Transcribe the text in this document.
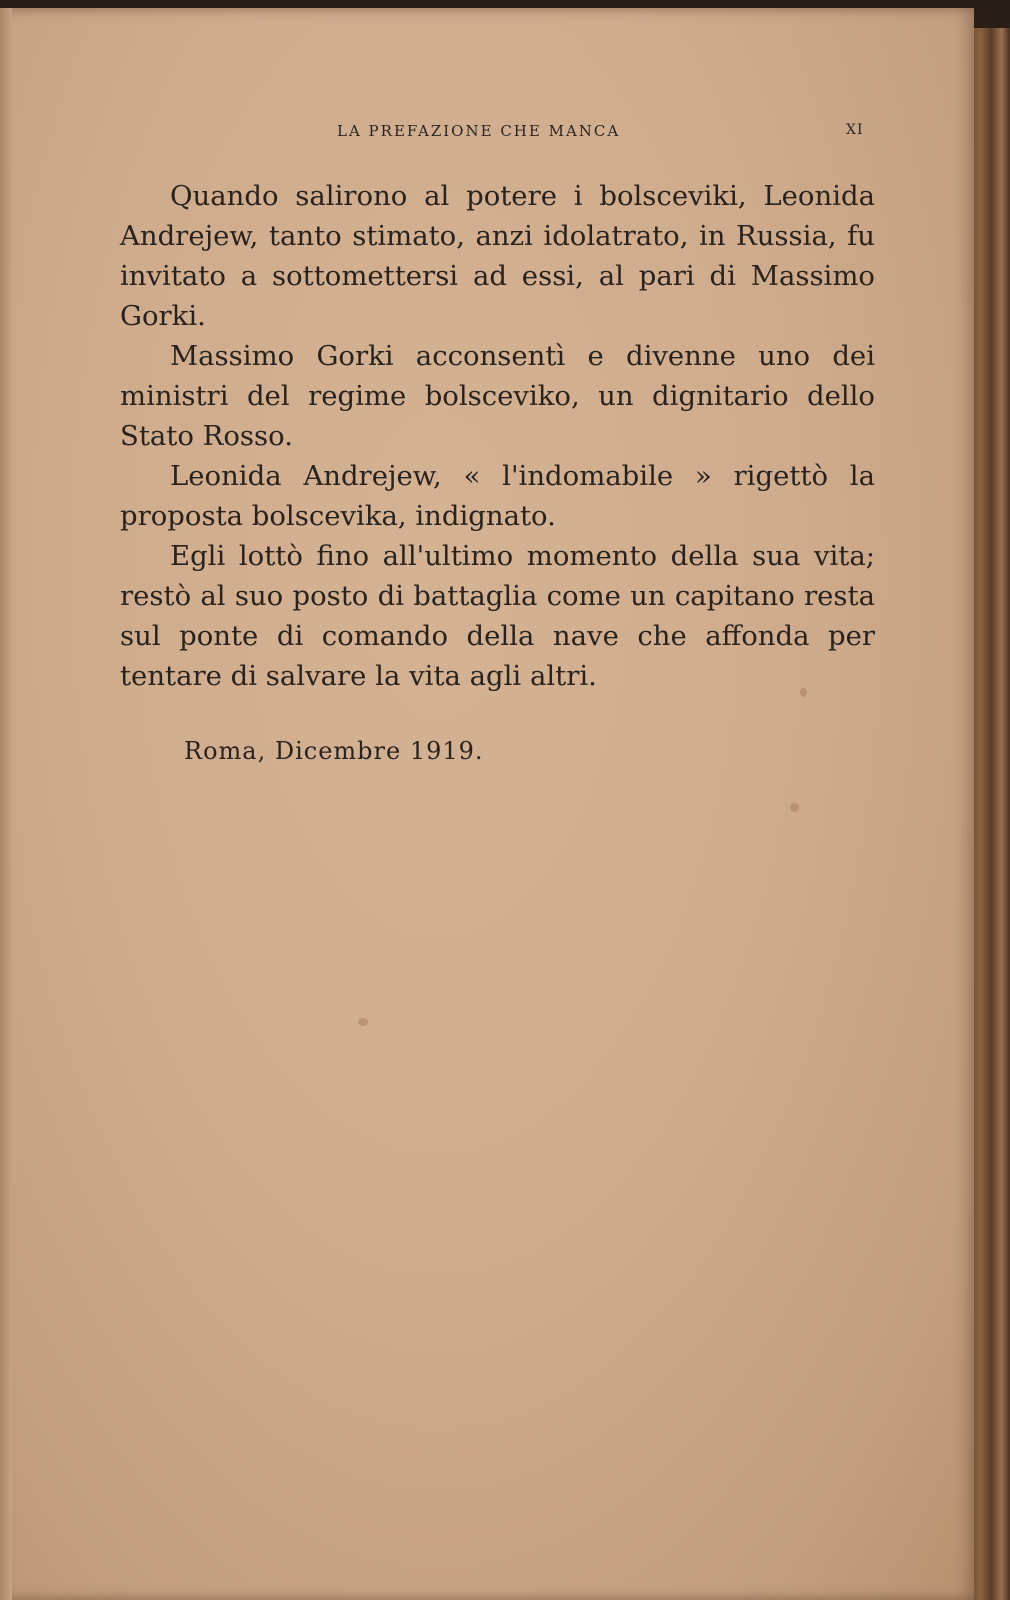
LA PREFAZIONE CHE MANCA	XI

Quando salirono al potere i bolsceviki, Leonida Andrejew, tanto stimato, anzi idolatrato, in Russia, fu invitato a sottomettersi ad essi, al pari di Massimo Gorki.

Massimo Gorki acconsentì e divenne uno dei ministri del regime bolsceviko, un dignitario dello Stato Rosso.

Leonida Andrejew, « l'indomabile » rigettò la proposta bolscevika, indignato.

Egli lottò fino all'ultimo momento della sua vita; restò al suo posto di battaglia come un capitano resta sul ponte di comando della nave che affonda per tentare di salvare la vita agli altri.

Roma, Dicembre 1919.
